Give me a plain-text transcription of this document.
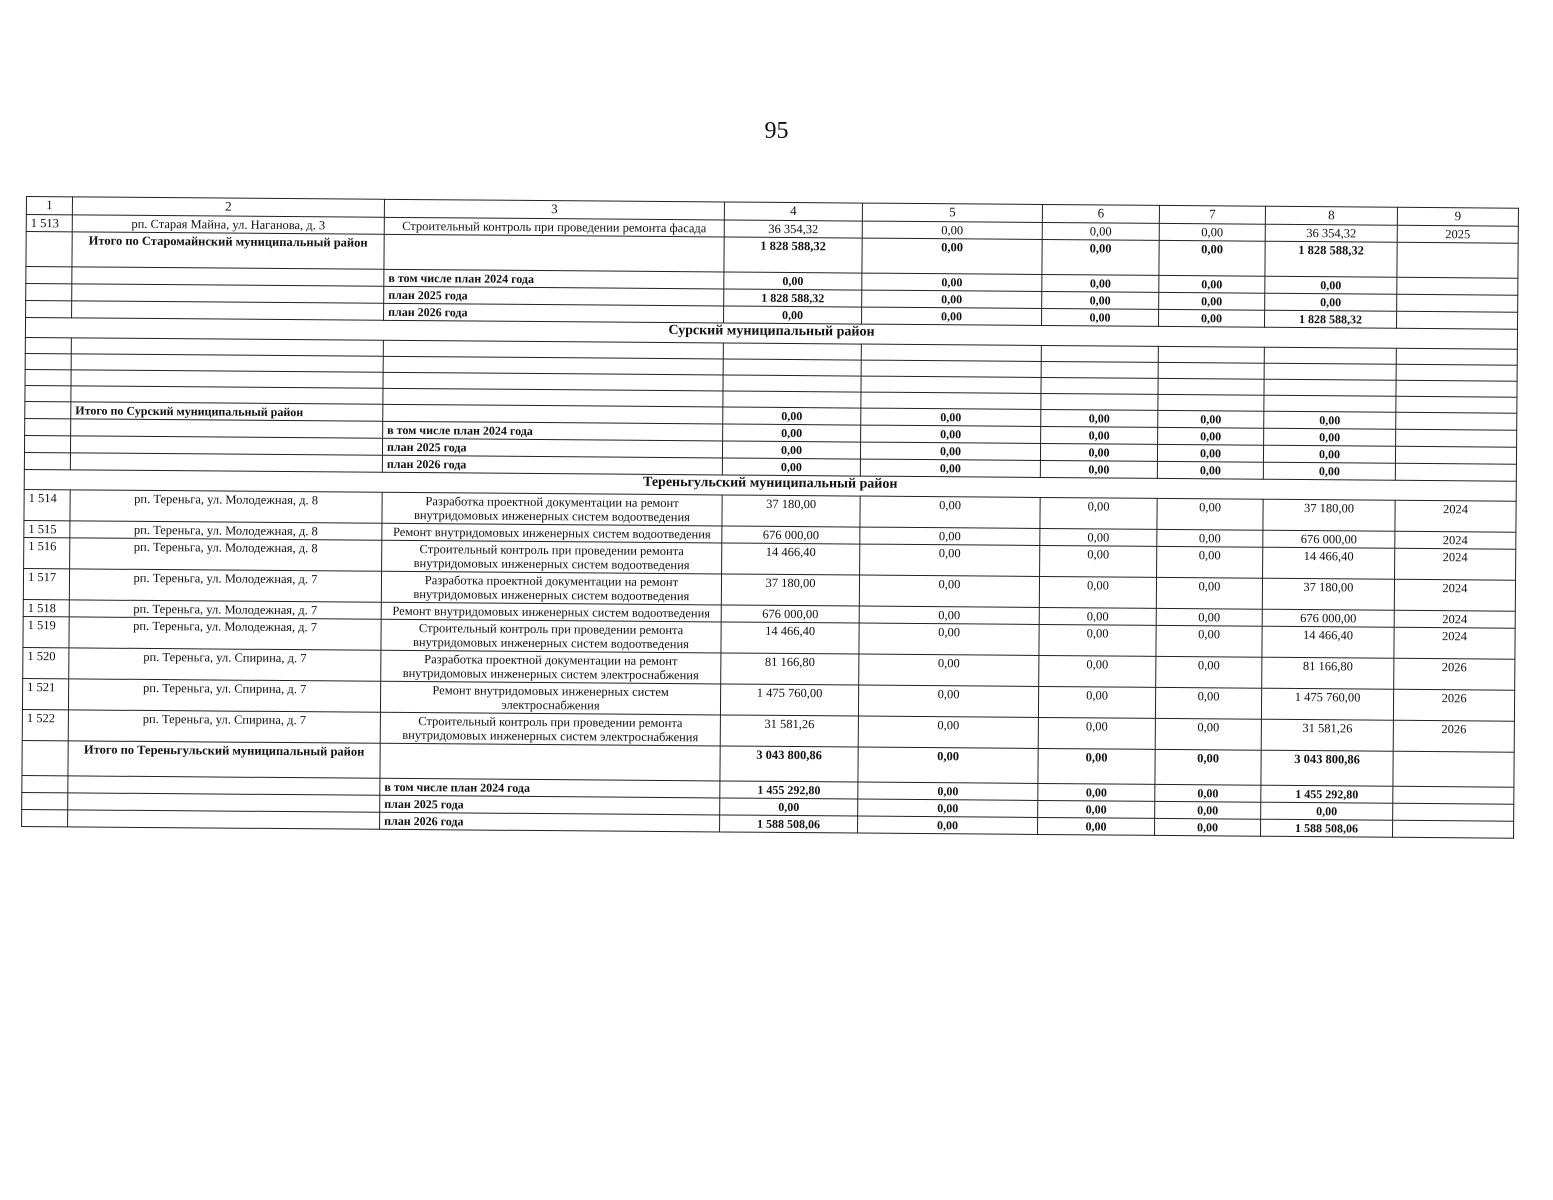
95
1	2	3	4	5	6	7	8	9
1 513	рп. Старая Майна, ул. Наганова, д. 3	Строительный контроль при проведении ремонта фасада	36 354,32	0,00	0,00	0,00	36 354,32	2025
	Итого по Старомайнский муниципальный район		1 828 588,32	0,00	0,00	0,00	1 828 588,32	
		в том числе план 2024 года	0,00	0,00	0,00	0,00	0,00	
		план 2025 года	1 828 588,32	0,00	0,00	0,00	0,00	
		план 2026 года	0,00	0,00	0,00	0,00	1 828 588,32	
Сурский муниципальный район								

	Итого по Сурский муниципальный район		0,00	0,00	0,00	0,00	0,00	
		в том числе план 2024 года	0,00	0,00	0,00	0,00	0,00	
		план 2025 года	0,00	0,00	0,00	0,00	0,00	
		план 2026 года	0,00	0,00	0,00	0,00	0,00	
Тереньгульский муниципальный район								
1 514	рп. Тереньга, ул. Молодежная, д. 8	Разработка проектной документации на ремонт внутридомовых инженерных систем водоотведения	37 180,00	0,00	0,00	0,00	37 180,00	2024
1 515	рп. Тереньга, ул. Молодежная, д. 8	Ремонт внутридомовых инженерных систем водоотведения	676 000,00	0,00	0,00	0,00	676 000,00	2024
1 516	рп. Тереньга, ул. Молодежная, д. 8	Строительный контроль при проведении ремонта внутридомовых инженерных систем водоотведения	14 466,40	0,00	0,00	0,00	14 466,40	2024
1 517	рп. Тереньга, ул. Молодежная, д. 7	Разработка проектной документации на ремонт внутридомовых инженерных систем водоотведения	37 180,00	0,00	0,00	0,00	37 180,00	2024
1 518	рп. Тереньга, ул. Молодежная, д. 7	Ремонт внутридомовых инженерных систем водоотведения	676 000,00	0,00	0,00	0,00	676 000,00	2024
1 519	рп. Тереньга, ул. Молодежная, д. 7	Строительный контроль при проведении ремонта внутридомовых инженерных систем водоотведения	14 466,40	0,00	0,00	0,00	14 466,40	2024
1 520	рп. Тереньга, ул. Спирина, д. 7	Разработка проектной документации на ремонт внутридомовых инженерных систем электроснабжения	81 166,80	0,00	0,00	0,00	81 166,80	2026
1 521	рп. Тереньга, ул. Спирина, д. 7	Ремонт внутридомовых инженерных систем электроснабжения	1 475 760,00	0,00	0,00	0,00	1 475 760,00	2026
1 522	рп. Тереньга, ул. Спирина, д. 7	Строительный контроль при проведении ремонта внутридомовых инженерных систем электроснабжения	31 581,26	0,00	0,00	0,00	31 581,26	2026
	Итого по Тереньгульский муниципальный район		3 043 800,86	0,00	0,00	0,00	3 043 800,86	
		в том числе план 2024 года	1 455 292,80	0,00	0,00	0,00	1 455 292,80	
		план 2025 года	0,00	0,00	0,00	0,00	0,00	
		план 2026 года	1 588 508,06	0,00	0,00	0,00	1 588 508,06	
